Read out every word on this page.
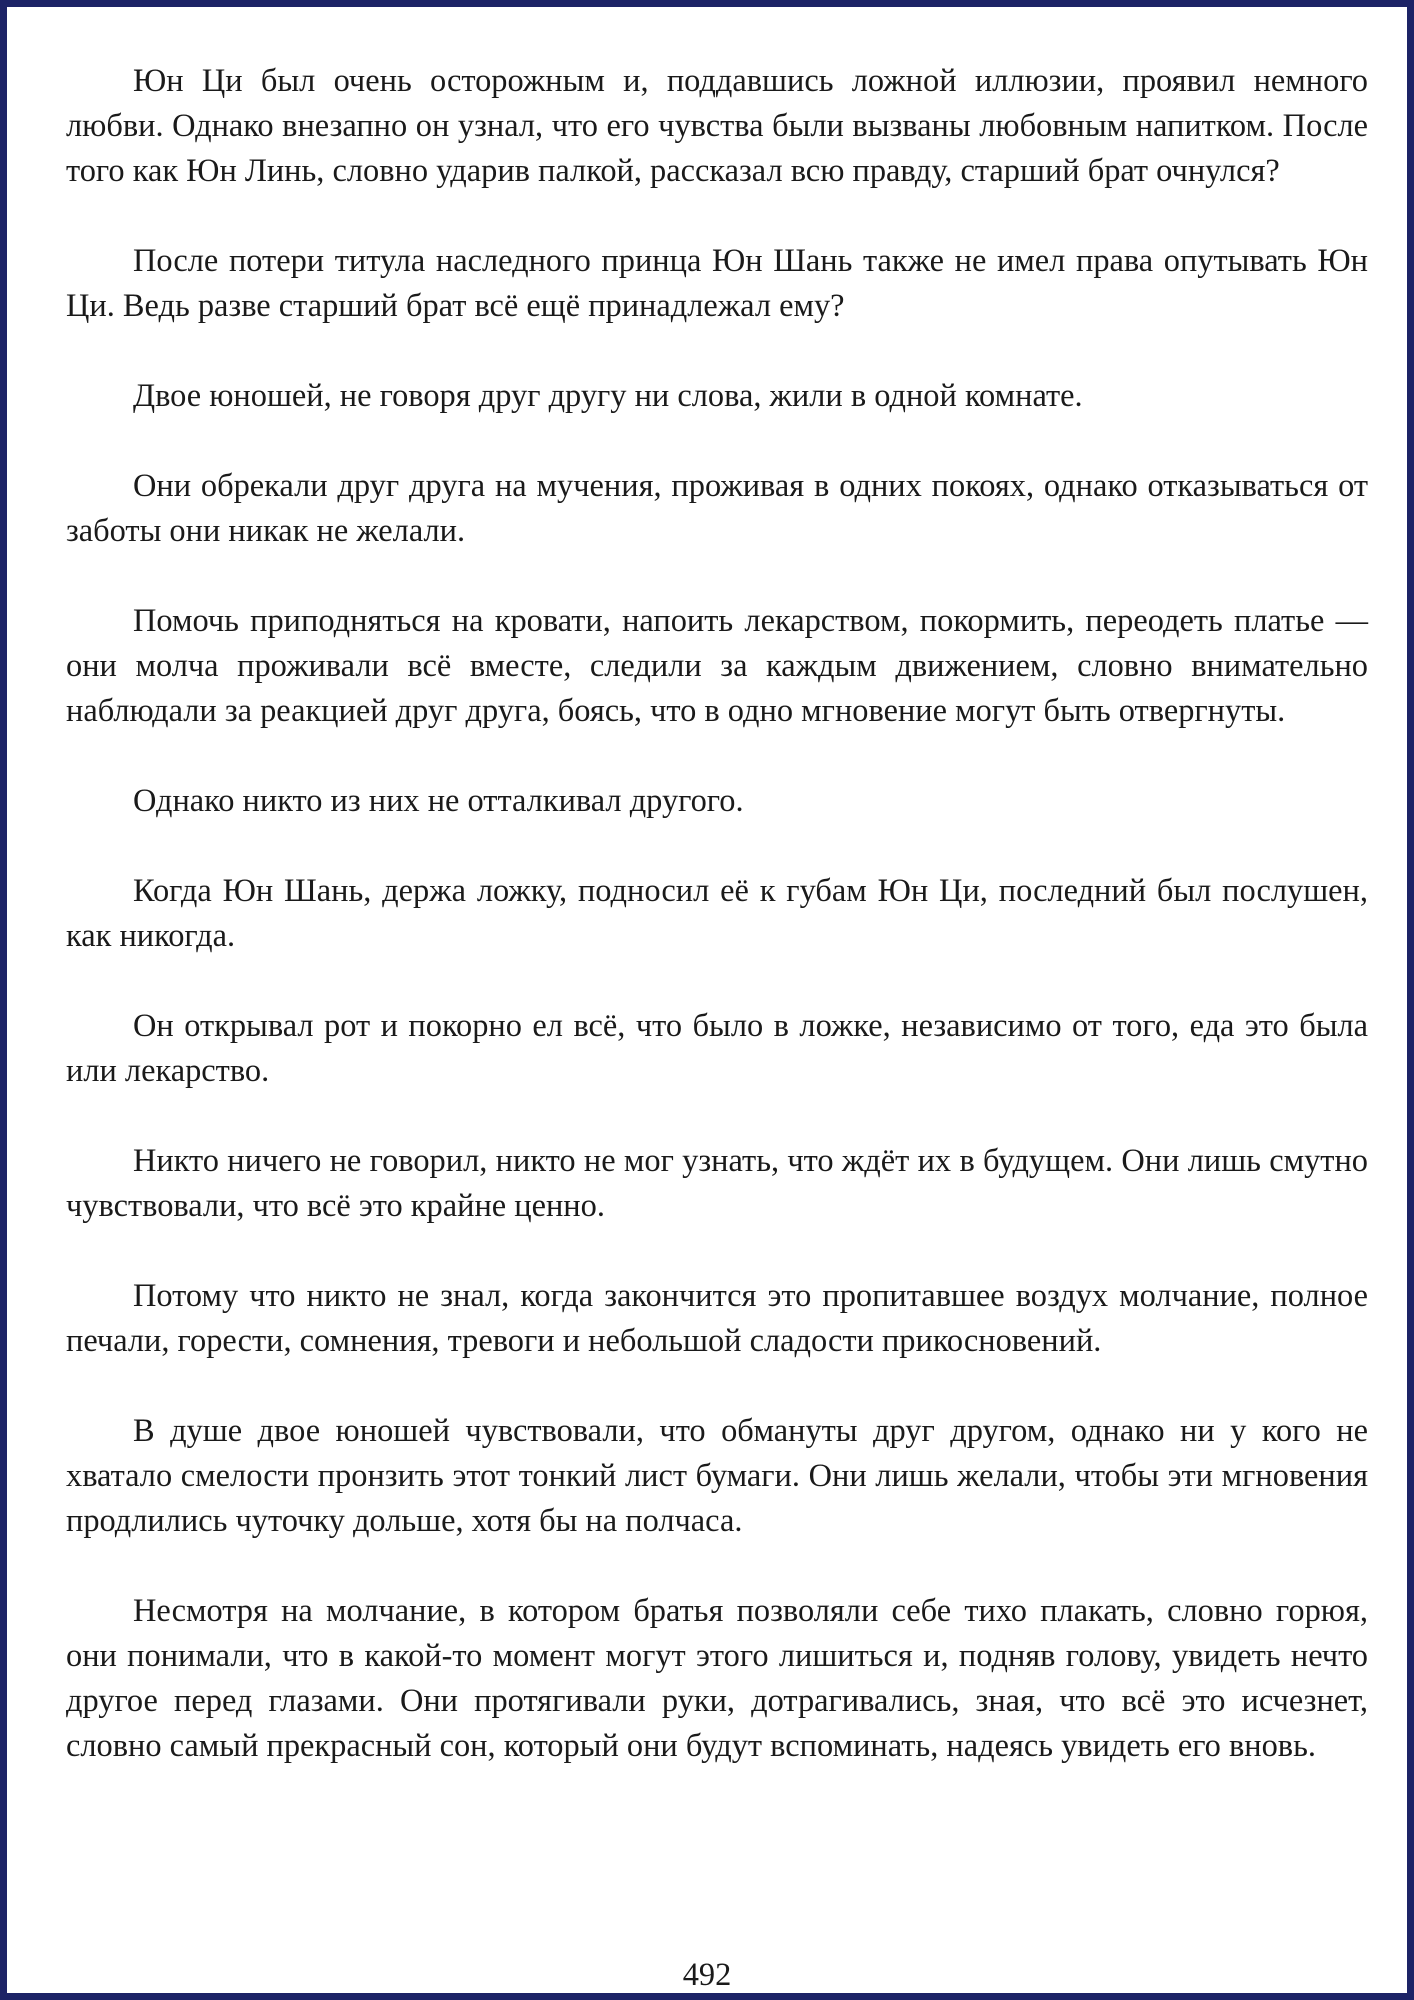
Юн Ци был очень осторожным и, поддавшись ложной иллюзии, проявил немного любви. Однако внезапно он узнал, что его чувства были вызваны любовным напитком. После того как Юн Линь, словно ударив палкой, рассказал всю правду, старший брат очнулся?

После потери титула наследного принца Юн Шань также не имел права опутывать Юн Ци. Ведь разве старший брат всё ещё принадлежал ему?

Двое юношей, не говоря друг другу ни слова, жили в одной комнате.

Они обрекали друг друга на мучения, проживая в одних покоях, однако отказываться от заботы они никак не желали.

Помочь приподняться на кровати, напоить лекарством, покормить, переодеть платье — они молча проживали всё вместе, следили за каждым движением, словно внимательно наблюдали за реакцией друг друга, боясь, что в одно мгновение могут быть отвергнуты.

Однако никто из них не отталкивал другого.

Когда Юн Шань, держа ложку, подносил её к губам Юн Ци, последний был послушен, как никогда.

Он открывал рот и покорно ел всё, что было в ложке, независимо от того, еда это была или лекарство.

Никто ничего не говорил, никто не мог узнать, что ждёт их в будущем. Они лишь смутно чувствовали, что всё это крайне ценно.

Потому что никто не знал, когда закончится это пропитавшее воздух молчание, полное печали, горести, сомнения, тревоги и небольшой сладости прикосновений.

В душе двое юношей чувствовали, что обмануты друг другом, однако ни у кого не хватало смелости пронзить этот тонкий лист бумаги. Они лишь желали, чтобы эти мгновения продлились чуточку дольше, хотя бы на полчаса.

Несмотря на молчание, в котором братья позволяли себе тихо плакать, словно горюя, они понимали, что в какой-то момент могут этого лишиться и, подняв голову, увидеть нечто другое перед глазами. Они протягивали руки, дотрагивались, зная, что всё это исчезнет, словно самый прекрасный сон, который они будут вспоминать, надеясь увидеть его вновь.

492
